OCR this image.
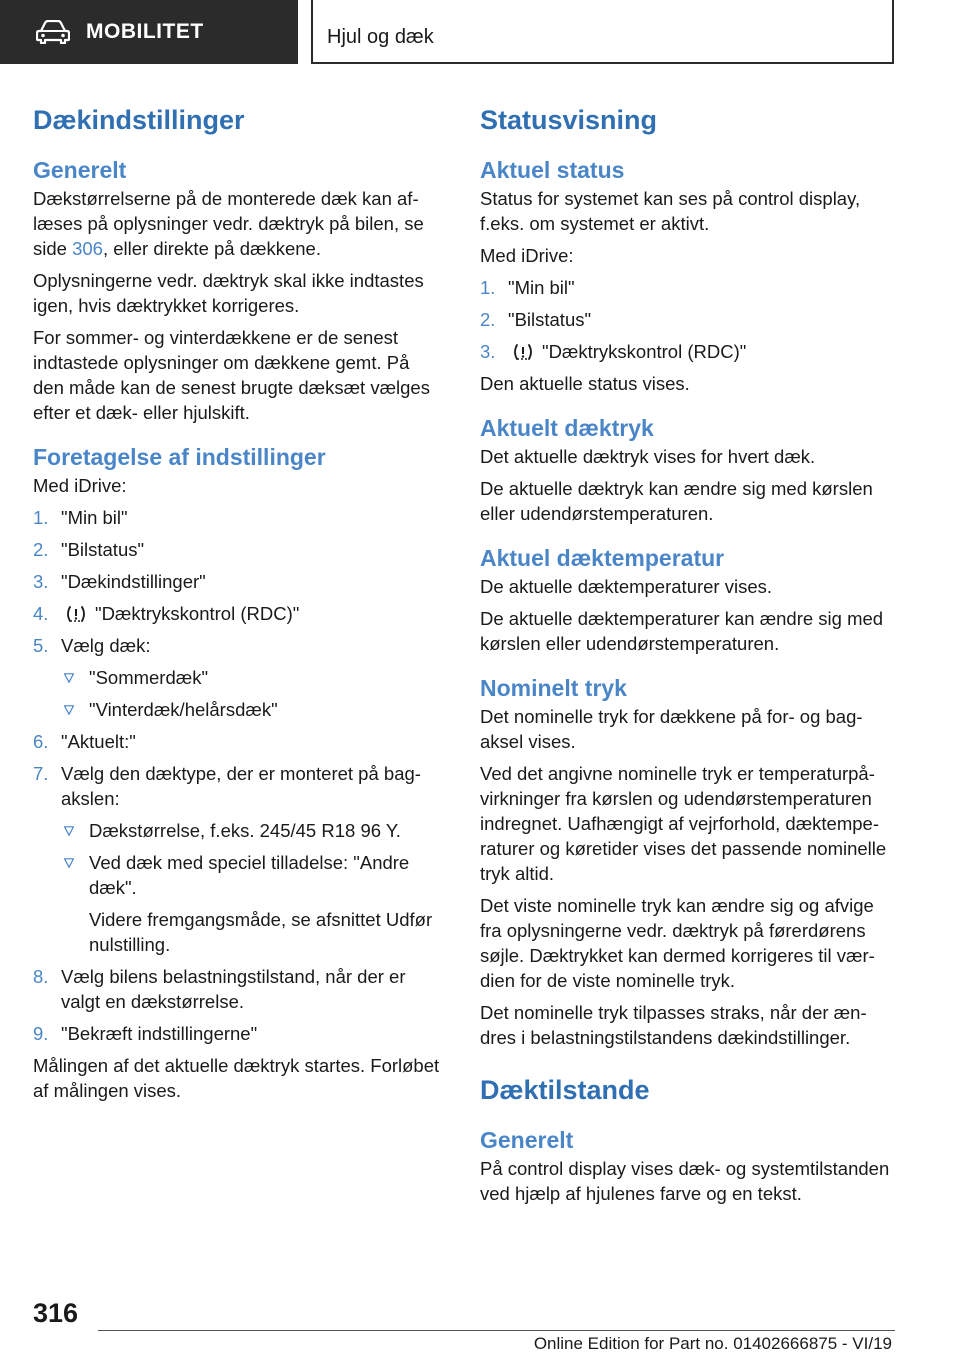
MOBILITET	Hjul og dæk
Dækindstillinger
Generelt

Dækstørrelserne på de monterede dæk kan aflæses på oplysninger vedr. dæktryk på bilen, se side 306, eller direkte på dækkene.

Oplysningerne vedr. dæktryk skal ikke indtastes igen, hvis dæktrykket korrigeres.

For sommer- og vinterdækkene er de senest indtastede oplysninger om dækkene gemt. På den måde kan de senest brugte dæksæt vælges efter et dæk- eller hjulskift.

Foretagelse af indstillinger

Med iDrive:

1. "Min bil"
2. "Bilstatus"
3. "Dækindstillinger"
4.	"Dæktrykskontrol (RDC)"
5. Vælg dæk:
"Sommerdæk"
"Vinterdæk/helårsdæk"
6. "Aktuelt:"
7. Vælg den dæktype, der er monteret på bagakslen:
Dækstørrelse, f.eks. 245/45 R18 96 Y.
Ved dæk med speciel tilladelse: "Andre dæk".
Videre fremgangsmåde, se afsnittet Udfør nulstilling.
8. Vælg bilens belastningstilstand, når der er valgt en dækstørrelse.
9. "Bekræft indstillingerne"

Målingen af det aktuelle dæktryk startes. Forløbet af målingen vises.

Statusvisning
Aktuel status

Status for systemet kan ses på control display, f.eks. om systemet er aktivt.

Med iDrive:

1. "Min bil"
2. "Bilstatus"
3.	"Dæktrykskontrol (RDC)"

Den aktuelle status vises.

Aktuelt dæktryk

Det aktuelle dæktryk vises for hvert dæk.

De aktuelle dæktryk kan ændre sig med kørslen eller udendørstemperaturen.

Aktuel dæktemperatur

De aktuelle dæktemperaturer vises.

De aktuelle dæktemperaturer kan ændre sig med kørslen eller udendørstemperaturen.

Nominelt tryk

Det nominelle tryk for dækkene på for- og bagaksel vises.

Ved det angivne nominelle tryk er temperaturpåvirkninger fra kørslen og udendørstemperaturen indregnet. Uafhængigt af vejrforhold, dæktemperaturer og køretider vises det passende nominelle tryk altid.

Det viste nominelle tryk kan ændre sig og afvige fra oplysningerne vedr. dæktryk på førerdørens søjle. Dæktrykket kan dermed korrigeres til værdien for de viste nominelle tryk.

Det nominelle tryk tilpasses straks, når der ændres i belastningstilstandens dækindstillinger.

Dæktilstande
Generelt

På control display vises dæk- og systemtilstanden ved hjælp af hjulenes farve og en tekst.

316
Online Edition for Part no. 01402666875 - VI/19
